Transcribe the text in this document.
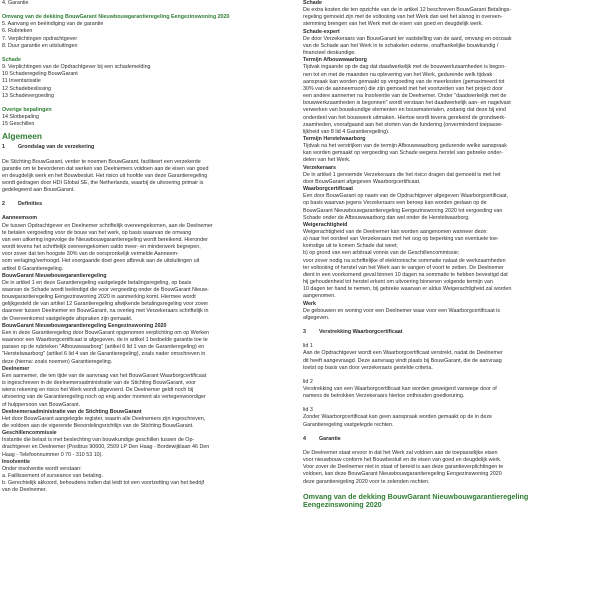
4. Garantie

Omvang van de dekking BouwGarant Nieuwbouwgarantieregeling Eengezinswoning 2020

5. Aanvang en beëindiging van de garantie

6. Rubrieken

7. Verplichtingen opdrachtgever

8. Duur garantie en uitsluitingen

Schade

9. Verplichtingen van de Opdrachtgever bij een schademelding

10 Schaderegeling BouwGarant

11 Inventarisatie

12 Schadebeslissing

13 Schadevergoeding

Overige bepalingen

14 Slotbepaling

15 Geschillen

Algemeen

1 Grondslag van de verzekering

De Stichting BouwGarant, verder te noemen BouwGarant, faciliteert een verzekerde

garantie om te bevorderen dat werken van Deelnemers voldoen aan de eisen van goed

en deugdelijk werk en het Bouwbesluit. Het risico uit hoofde van deze Garantieregeling

wordt gedragen door HDI Global SE, the Netherlands, waarbij de uitvoering primair is

gedelegeerd aan BouwGarant.

2 Definities

Aanneemsom

De tussen Opdrachtgever en Deelnemer schriftelijk overeengekomen, aan de Deelnemer

te betalen vergoeding voor de bouw van het werk, op basis waarvan de omvang

van een uitkering ingevolge de Nieuwbouwgarantieregeling wordt bereikend. Hieronder

wordt tevens het schriftelijk overeengekomen saldo meer- en minderwerk begrepen,

voor zover dat ten hoogste 30% van de oorspronkelijk vermelde Aanneem-

som verlaging/verhoogd. Het voorgaande doet geen afbreuk aan de uitsluitingen uit

artikel 8 Garantieregeling.

BouwGarant Nieuwbouwgarantieregeling

De in artikel 1 en deze Garantieregeling vastgelegde betalingsregeling, op basis

waarvan de Schade wordt beëindigd die voor vergoeding onder de BouwGarant Nieuw-

bouwgarantieregeling Eengezinswoning 2020 in aanmerking komt. Hiermee wordt

gelijkgesteld de van artikel 12 Garantieregeling afwijkende betalingsregeling voor zover

daarover tussen Deelnemer en BouwGarant, na overleg met Verzekeraars schriftelijk in

de Overeenkomst vastgelegde afspraken zijn gemaakt.

BouwGarant Nieuwbouwgarantieregeling Eengezinswoning 2020

Een in deze Garantieregeling door BouwGarant opgenomen verplichting om op Werken

waarvoor een Waarborgcertificaat is afgegeven, de in artikel 1 bedoelde garantie toe te

passen op de rubrieken "Afbouwwaarborg" (artikel 6 lid 1 van de Garantieregeling) en

"Herstelwaarborg" (artikel 6 lid 4 van de Garantieregeling), zoals nader omschreven in

deze (hierna: zoals noemen) Garantieregeling.

Deelnemer

Een aannemer, die ten tijde van de aanvraag van het BouwGarant Waarborgcertificaat

is ingeschreven in de deelnemersadministratie van de Stichting BouwGarant, voor

wiens rekening en risico het Werk wordt uitgevoerd. De Deelnemer geldt noch bij

uitvoering van de Garantieregeling noch op enig ander moment als vertegenwoordiger

of hulppersoon van BouwGarant.

Deelnemersadministratie van de Stichting BouwGarant

Het door BouwGarant aangelegde register, waarin alle Deelnemers zijn ingeschreven,

die voldoen aan de vigerende Beoordelingsrichtlijn van de Stichting BouwGarant.

Geschillencommissie

Instantie die belast is met beslechting van bouwkundige geschillen tussen de Op-

drachtgever en Deelnemer (Postbus 90600, 2509 LP Den Haag - Bordewijklaan 46 Den

Haag - Telefoonnummer 0 70 - 310 53 10).

Insolventie

Onder insolventie wordt verstaan:

a. Faillissement of surseance van betaling.

b. Gerechtelijk akkoord, behoudens indien dat leidt tot een voortzetting van het bedrijf

van de Deelnemer.

Schade

De extra kosten die ten opzichte van de in artikel 12 beschreven BouwGarant Betalings-

regeling gemoeid zijn met de voltooiing van het Werk dan wel het alsnog in overeen-

stemming brengen van het Werk met de eisen van goed en deugdelijk werk.

Schade-expert

De door Verzekeraars van BouwGarant ter vaststelling van de aard, omvang en oorzaak

van de Schade aan het Werk in te schakelen externe, onafhankelijke bouwkundig /

financieel deskundige.

Termijn Afbouwwaarborg

Tijdvak ingaande op de dag dat daadwerkelijk met de bouwwerkzaamheden is begon-

nen tot en met de maanden na oplevering van het Werk, gedurende welk tijdvak

aanspraak kan worden gemaakt op vergoeding van de meerkosten (gemaximeerd tot

30% van de aanneemsom) die zijn gemoeid met het voortzetten van het project door

een andere aannemer na Insolventie van de Deelnemer. Onder "daadwerkelijk met de

bouwwerkzaamheden is begonnen" wordt verstaan het daadwerkelijk aan- en nagelvast

verwerken van bouwkundige elementen en bouwmaterialen, zodanig dat deze bij eind

onderdeel van het bouwwerk uitmaken. Hiertoe wordt tevens gerekend de grondwerk-

zaamheden, voorafgaand aan het storten van de fundering (onverminderd toepasse-

lijkheid van 8 lid 4 Garantieregeling).

Termijn Herstelwaarborg

Tijdvak na het verstrijken van de termijn Afbouwwaarborg gedurende welke aanspraak

kan worden gemaakt op vergoeding van Schade wegens herstel van gebreke onder-

delen van het Werk.

Verzekeraars

De in artikel 1 genoemde Verzekeraars die het risico dragen dat gemoeid is met het

door BouwGarant afgegeven Waarborgcertificaat.

Waarborgcertificaat

Een door BouwGarant op naam van de Opdrachtgever afgegeven Waarborgcertificaat,

op basis waarvan jegens Verzekeraars een beroep kan worden gedaan op de

BouwGarant Nieuwbouwgarantieregeling Eengezinswoning 2020 tot vergoeding van

Schade onder de Afbouwwaarborg dan wel onder de Herstelwaarborg.

Weigerachtigheid

Weigerachtigheid van de Deelnemer kan worden aangenomen wanneer deze:

a) naar het oordeel van Verzekeraars met het oog op beperking van eventuele toe-

komstige uit te komen Schade dat weet;

b) op grond van een arbitraal vonnis van de Geschillencommissie;

voor zover nodig na schriftelijke of elektronische sommatie nalaat de werkzaamheden

ter voltooiing of herstel van het Werk aan te vangen of voort te zetten. De Deelnemer

dient in een voorkomend geval binnen 10 dagen na sommatie te hebben bevestigd dat

hij gehoudenheid tot herstel erkent om uitvoering binnenen volgende termijn van

10 dagen ter hand te nemen, bij gebreke waarvan er aldus Weigerachtigheid zal worden

aangenomen.

Werk

De gebouwen en woning voor een Deelnemer waar voor een Waarborgcertificaat is

afgegeven.

3 Verstrekking Waarborgcertificaat

lid 1

Aan de Opdrachtgever wordt een Waarborgcertificaat verstrekt, nadat de Deelnemer

dit heeft aangevraagd. Deze aanvraag vindt plaats bij BouwGarant, die de aanvraag

toetst op basis van door verzekeraars gestelde criteria.

lid 2

Verstrekking van een Waarborgcertificaat kan worden geweigerd vanwege door of

namens de betrokken Verzekeraars hiertoe onthouden goedkeuring.

lid 3

Zonder Waarborgcertificaat kan geen aanspraak worden gemaakt op de in deze

Garantieregeling vastgelegde rechten.

4 Garantie

De Deelnemer staat ervoor in dat het Werk zal voldoen aan de toepasselijke eisen

voor nieuwbouw conform het Bouwbesluit en de eisen van goed en deugdelijk werk.

Voor zover de Deelnemer niet in staat of bereid is aan deze garantieverplichtingen te

voldoen, kan deze BouwGarant Nieuwbouwgarantieregeling Eengezinswoning 2020

deze garantieregeling 2020 voor te zelenden rechten.

Omvang van de dekking BouwGarant Nieuwbouwgarantieregeling

Eengezinswoning 2020
